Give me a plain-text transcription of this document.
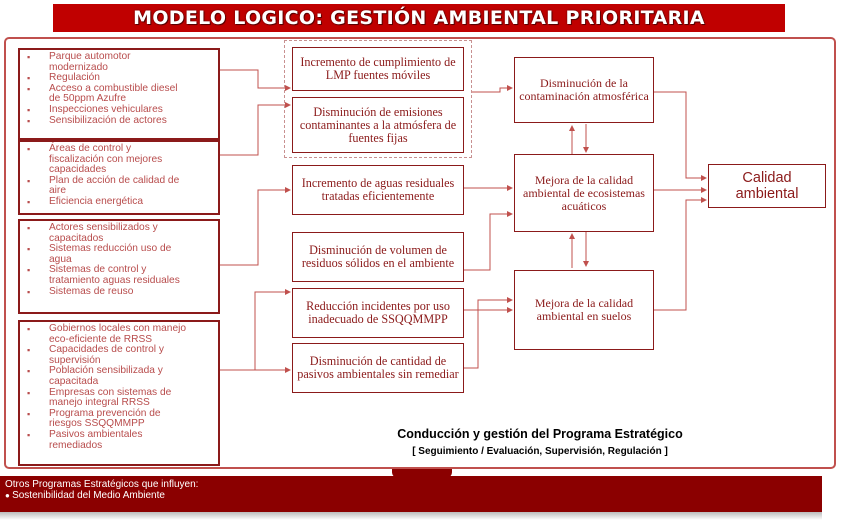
MODELO LOGICO: GESTIÓN AMBIENTAL PRIORITARIA
▪ Parque automotor
modernizado
▪ Regulación
▪ Acceso a combustible diesel
de 50ppm Azufre
▪ Inspecciones vehiculares
▪ Sensibilización de actores
▪ Áreas de control y
fiscalización con mejores
capacidades
▪ Plan de acción de calidad de
aire
▪ Eficiencia energética
▪ Actores sensibilizados y
capacitados
▪ Sistemas reducción uso de
agua
▪ Sistemas de control y
tratamiento aguas residuales
▪ Sistemas de reuso
▪ Gobiernos locales con manejo
eco-eficiente de RRSS
▪ Capacidades de control y
supervisión
▪ Población sensibilizada y
capacitada
▪ Empresas con sistemas de
manejo integral RRSS
▪ Programa prevención de
riesgos SSQQMMPP
▪ Pasivos ambientales
remediados
Incremento de cumplimiento de LMP fuentes móviles
Disminución de emisiones contaminantes a la atmósfera de fuentes fijas
Incremento de aguas residuales tratadas eficientemente
Disminución de volumen de residuos sólidos en el ambiente
Reducción incidentes por uso inadecuado de SSQQMMPP
Disminución de cantidad de pasivos ambientales sin remediar
Disminución de la contaminación atmosférica
Mejora de la calidad ambiental de ecosistemas acuáticos
Mejora de la calidad ambiental en suelos
Calidad ambiental
Conducción y gestión del Programa Estratégico
[ Seguimiento / Evaluación, Supervisión, Regulación ]
Otros Programas Estratégicos que influyen:
● Sostenibilidad del Medio Ambiente
